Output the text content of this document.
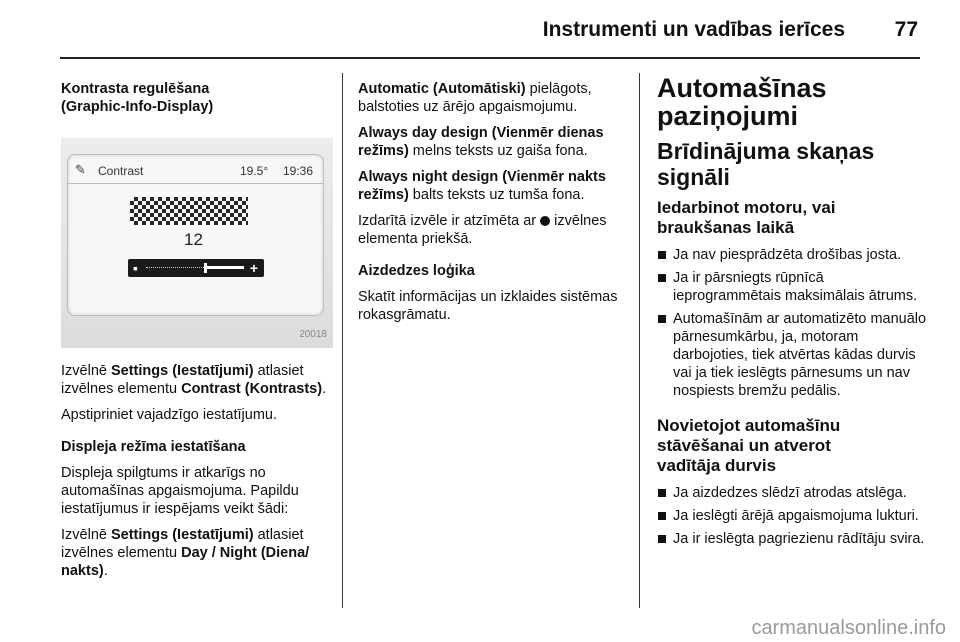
Instrumenti un vadības ierīces 77

Kontrasta regulēšana (Graphic-Info-Display)

✎ Contrast	19.5° 19:36
12
▪	+
20018

Izvēlnē Settings (Iestatījumi) atlasiet izvēlnes elementu Contrast (Kontrasts).

Apstipriniet vajadzīgo iestatījumu.

Displeja režīma iestatīšana

Displeja spilgtums ir atkarīgs no automašīnas apgaismojuma. Papildu iestatījumus ir iespējams veikt šādi:

Izvēlnē Settings (Iestatījumi) atlasiet izvēlnes elementu Day / Night (Diena/ nakts).

Automatic (Automātiski) pielāgots, balstoties uz ārējo apgaismojumu.

Always day design (Vienmēr dienas režīms) melns teksts uz gaiša fona.

Always night design (Vienmēr nakts režīms) balts teksts uz tumša fona.

Izdarītā izvēle ir atzīmēta ar  izvēlnes elementa priekšā.

Aizdedzes loģika

Skatīt informācijas un izklaides sistēmas rokasgrāmatu.

Automašīnas paziņojumi

Brīdinājuma skaņas signāli

Iedarbinot motoru, vai braukšanas laikā

Ja nav piesprādzēta drošības josta.
Ja ir pārsniegts rūpnīcā ieprogrammētais maksimālais ātrums.
Automašīnām ar automatizēto manuālo pārnesumkārbu, ja, motoram darbojoties, tiek atvērtas kādas durvis vai ja tiek ieslēgts pārnesums un nav nospiests bremžu pedālis.

Novietojot automašīnu stāvēšanai un atverot vadītāja durvis

Ja aizdedzes slēdzī atrodas atslēga.
Ja ieslēgti ārējā apgaismojuma lukturi.
Ja ir ieslēgta pagriezienu rādītāju svira.
carmanualsonline.info
